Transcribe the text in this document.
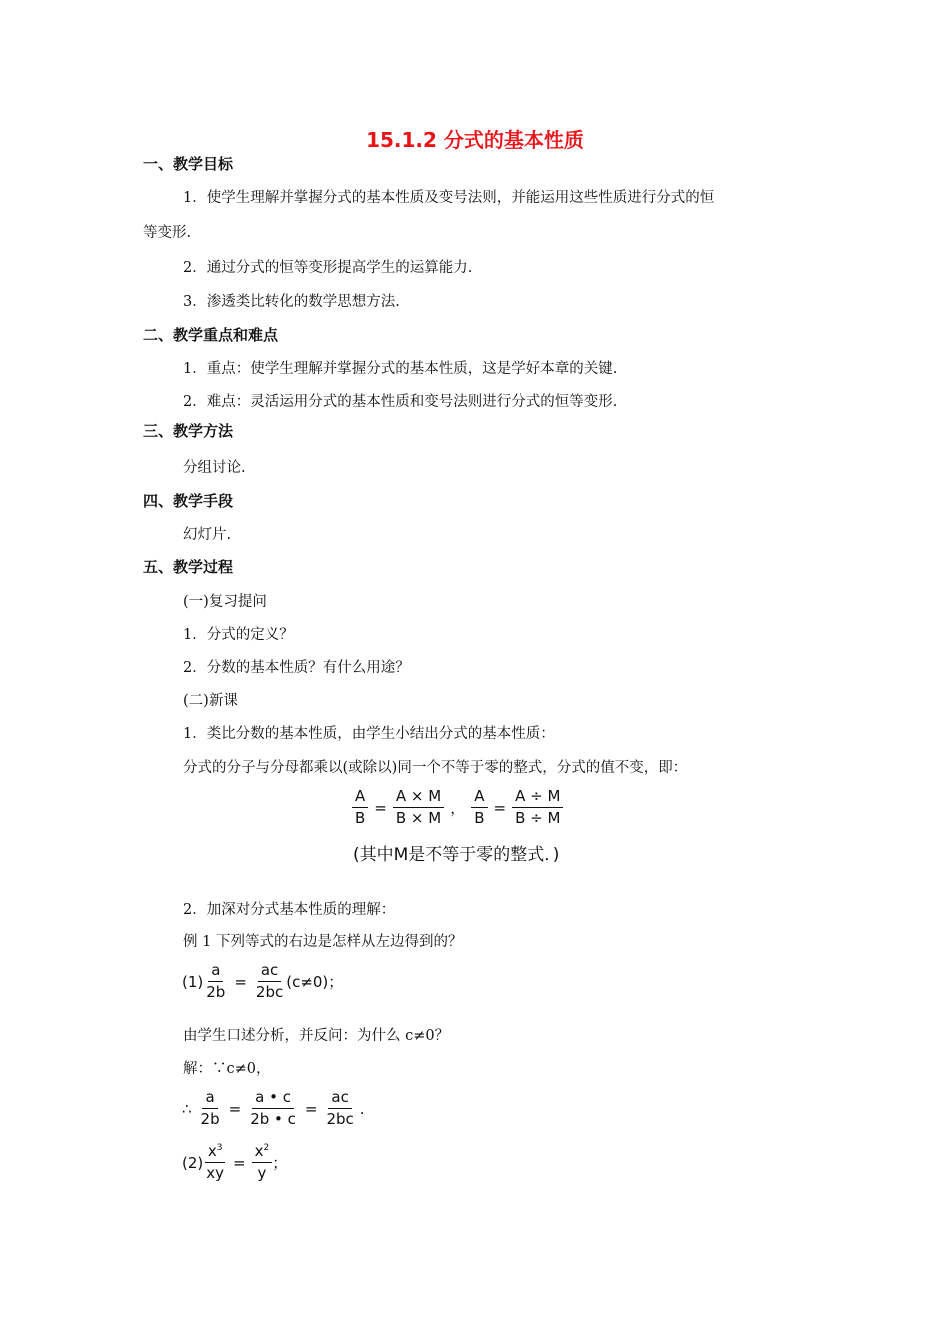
15.1.2 分式的基本性质
一、教学目标
1．使学生理解并掌握分式的基本性质及变号法则，并能运用这些性质进行分式的恒
等变形.
2．通过分式的恒等变形提高学生的运算能力.
3．渗透类比转化的数学思想方法.
二、教学重点和难点
1．重点：使学生理解并掌握分式的基本性质，这是学好本章的关键.
2．难点：灵活运用分式的基本性质和变号法则进行分式的恒等变形.
三、教学方法
分组讨论.
四、教学手段
幻灯片.
五、教学过程
(一)复习提问
1．分式的定义？
2．分数的基本性质？有什么用途？
(二)新课
1．类比分数的基本性质，由学生小结出分式的基本性质：
分式的分子与分母都乘以(或除以)同一个不等于零的整式，分式的值不变，即：
$\frac{A}{B} = \frac{A \times M}{B \times M}$ ， $\frac{A}{B} = \frac{A \div M}{B \div M}$
(其中M是不等于零的整式．)
2．加深对分式基本性质的理解：
例 1 下列等式的右边是怎样从左边得到的？
$(1) \frac{a}{2b} = \frac{ac}{2bc} (c\ne 0)$；
由学生口述分析，并反问：为什么 c≠0？
解：∵c≠0，
∴ $\frac{a}{2b} = \frac{a • c}{2b • c} = \frac{ac}{2bc}$ .
$(2) \frac{x^3}{xy} = \frac{x^2}{y}$ ；
